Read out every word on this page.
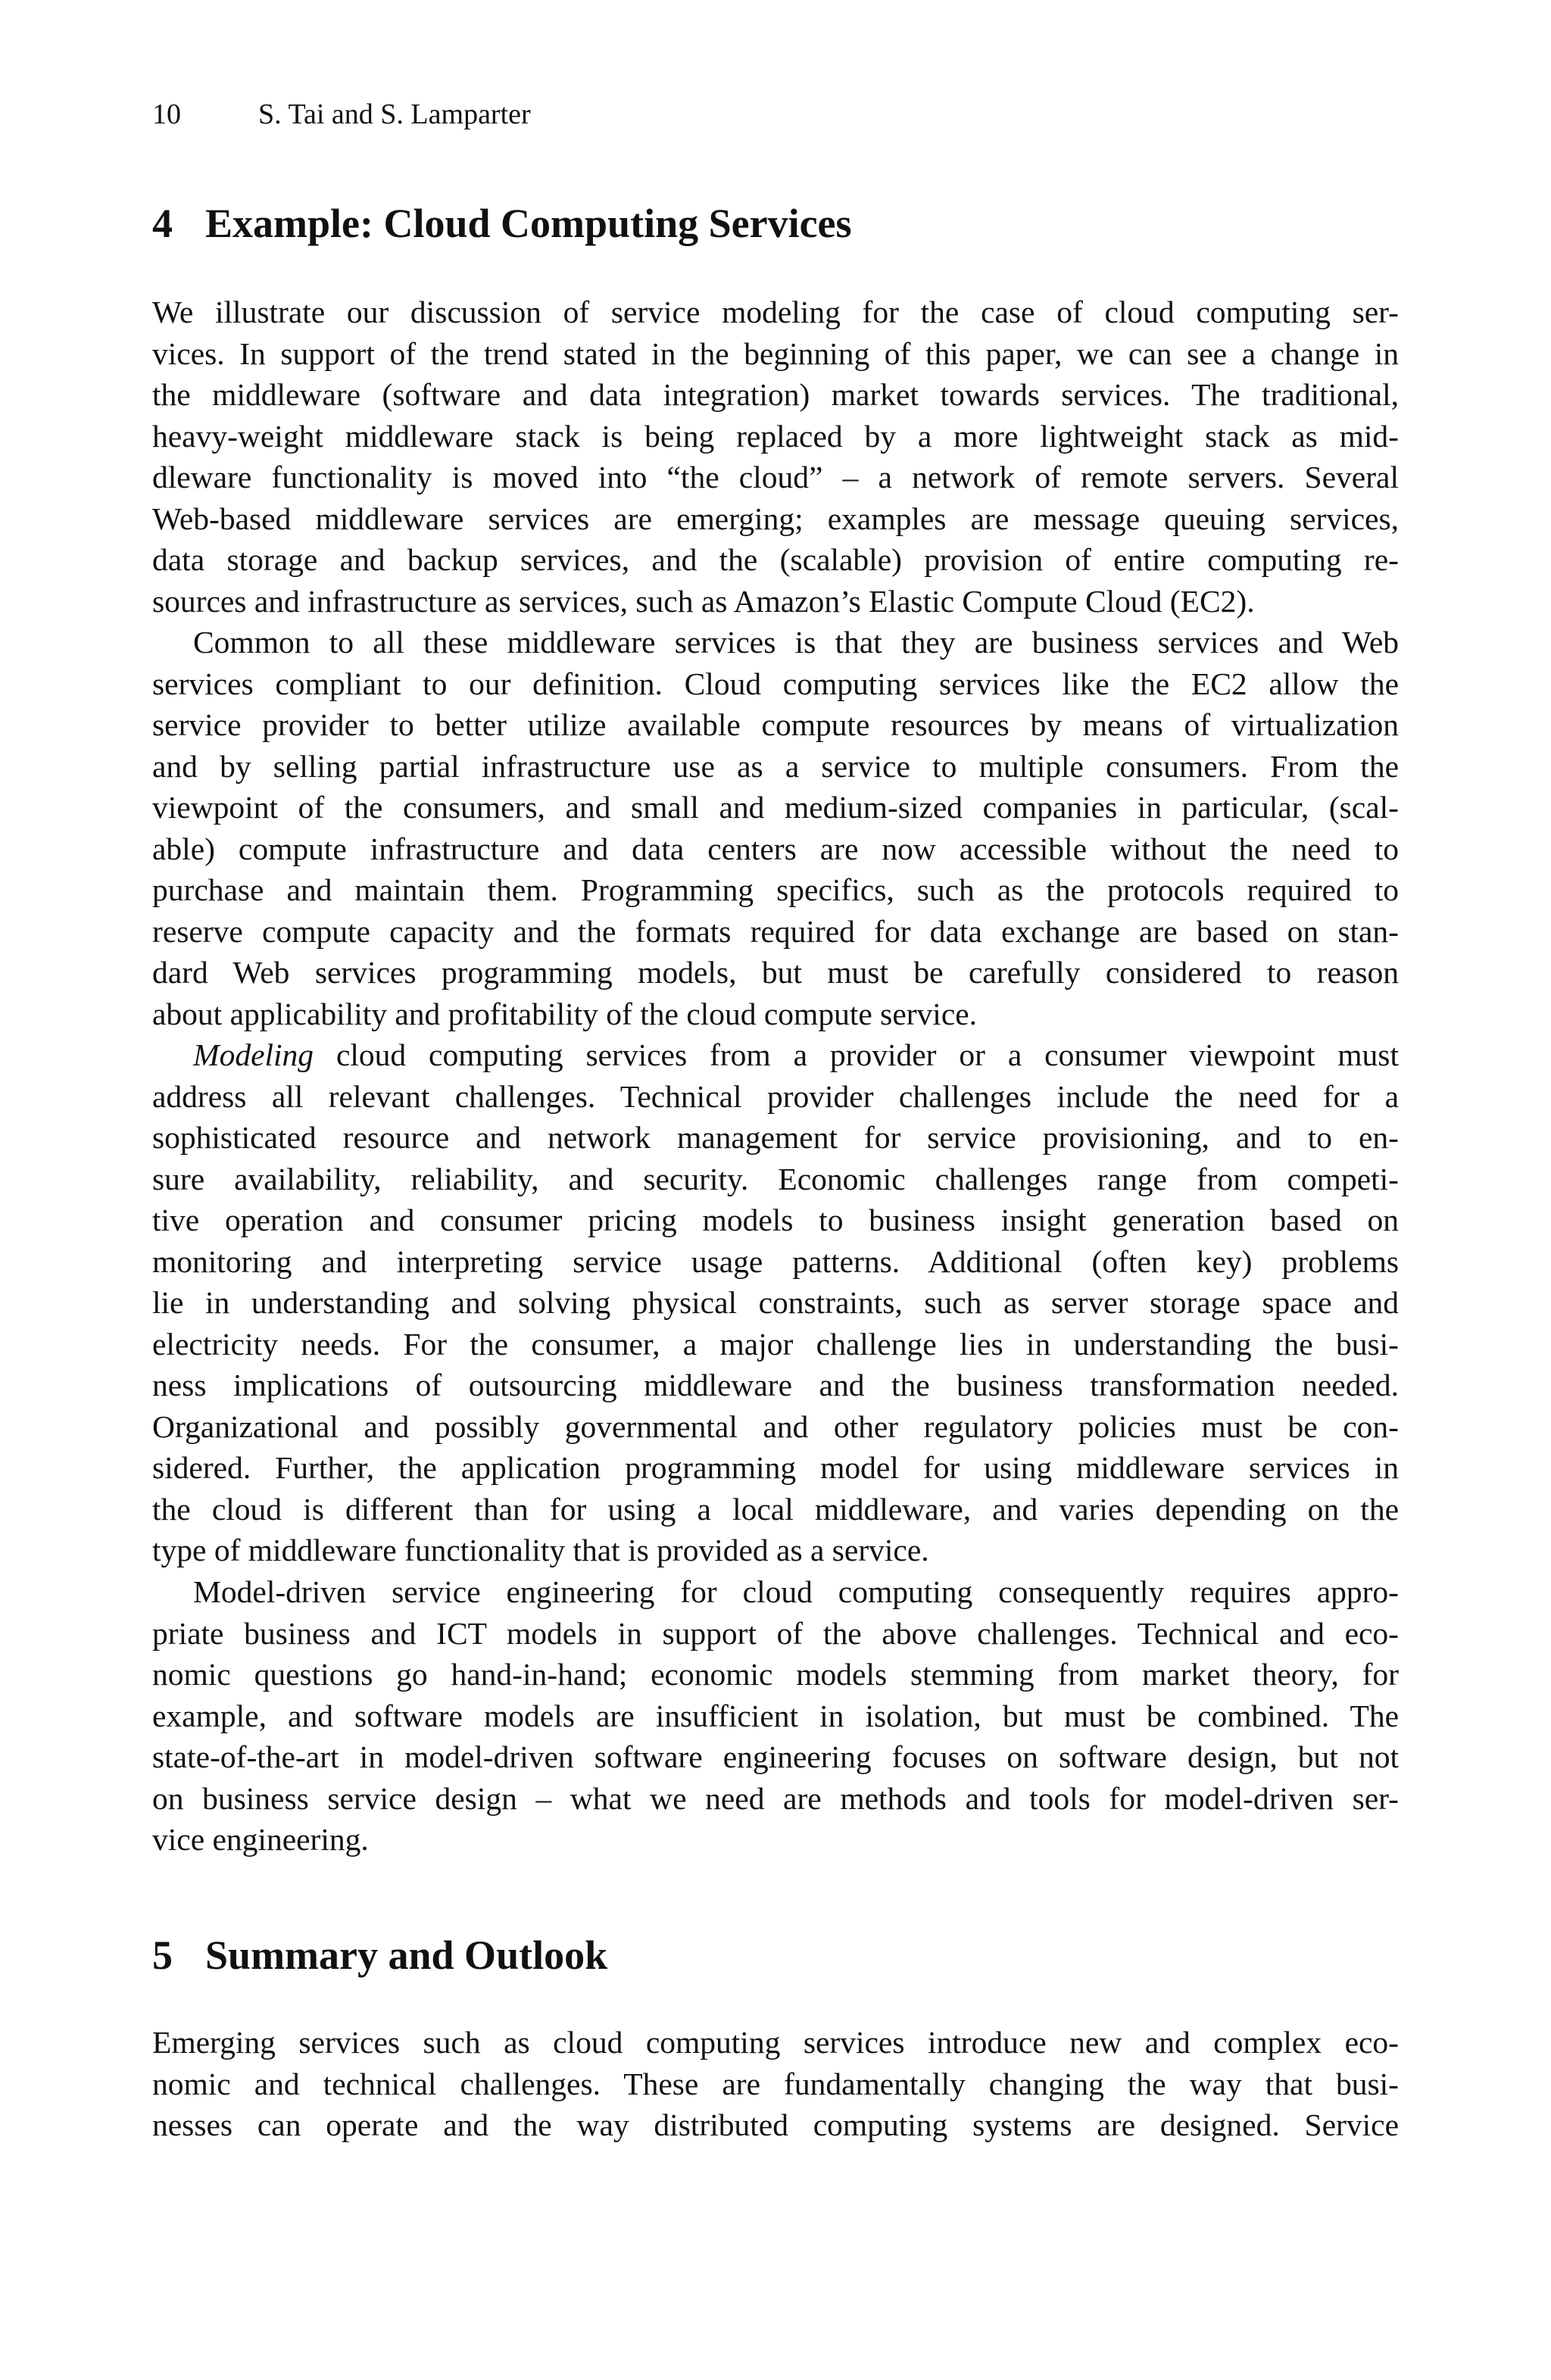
10	S. Tai and S. Lamparter
4 Example: Cloud Computing Services
We illustrate our discussion of service modeling for the case of cloud computing ser-
vices. In support of the trend stated in the beginning of this paper, we can see a change in
the middleware (software and data integration) market towards services. The traditional,
heavy-weight middleware stack is being replaced by a more lightweight stack as mid-
dleware functionality is moved into “the cloud” – a network of remote servers. Several
Web-based middleware services are emerging; examples are message queuing services,
data storage and backup services, and the (scalable) provision of entire computing re-
sources and infrastructure as services, such as Amazon’s Elastic Compute Cloud (EC2).
Common to all these middleware services is that they are business services and Web
services compliant to our definition. Cloud computing services like the EC2 allow the
service provider to better utilize available compute resources by means of virtualization
and by selling partial infrastructure use as a service to multiple consumers. From the
viewpoint of the consumers, and small and medium-sized companies in particular, (scal-
able) compute infrastructure and data centers are now accessible without the need to
purchase and maintain them. Programming specifics, such as the protocols required to
reserve compute capacity and the formats required for data exchange are based on stan-
dard Web services programming models, but must be carefully considered to reason
about applicability and profitability of the cloud compute service.
Modeling cloud computing services from a provider or a consumer viewpoint must
address all relevant challenges. Technical provider challenges include the need for a
sophisticated resource and network management for service provisioning, and to en-
sure availability, reliability, and security. Economic challenges range from competi-
tive operation and consumer pricing models to business insight generation based on
monitoring and interpreting service usage patterns. Additional (often key) problems
lie in understanding and solving physical constraints, such as server storage space and
electricity needs. For the consumer, a major challenge lies in understanding the busi-
ness implications of outsourcing middleware and the business transformation needed.
Organizational and possibly governmental and other regulatory policies must be con-
sidered. Further, the application programming model for using middleware services in
the cloud is different than for using a local middleware, and varies depending on the
type of middleware functionality that is provided as a service.
Model-driven service engineering for cloud computing consequently requires appro-
priate business and ICT models in support of the above challenges. Technical and eco-
nomic questions go hand-in-hand; economic models stemming from market theory, for
example, and software models are insufficient in isolation, but must be combined. The
state-of-the-art in model-driven software engineering focuses on software design, but not
on business service design – what we need are methods and tools for model-driven ser-
vice engineering.
5 Summary and Outlook
Emerging services such as cloud computing services introduce new and complex eco-
nomic and technical challenges. These are fundamentally changing the way that busi-
nesses can operate and the way distributed computing systems are designed. Service
